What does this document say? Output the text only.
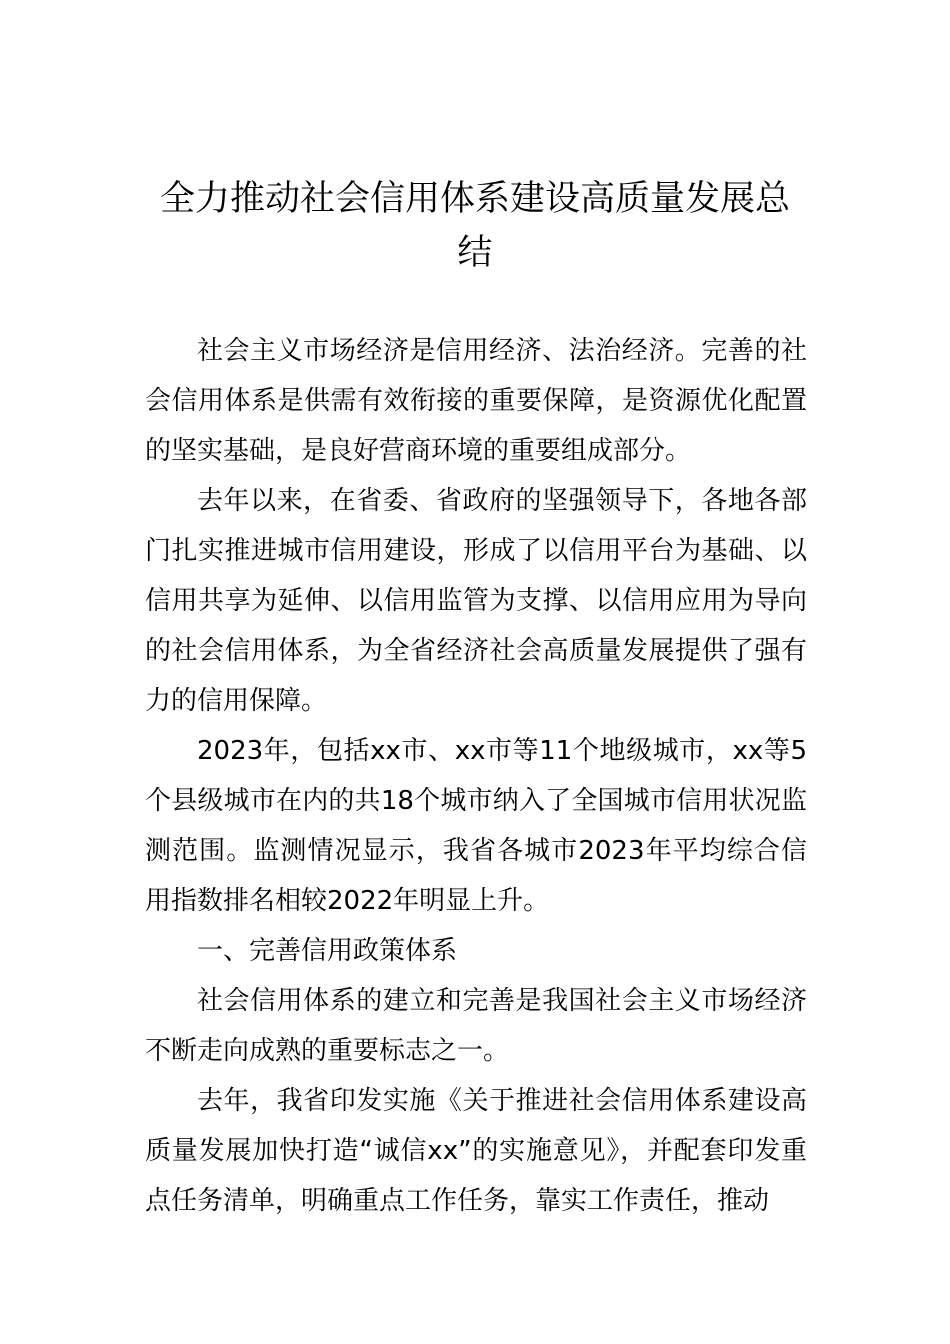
全力推动社会信用体系建设高质量发展总结

社会主义市场经济是信用经济、法治经济。完善的社会信用体系是供需有效衔接的重要保障，是资源优化配置的坚实基础，是良好营商环境的重要组成部分。

去年以来，在省委、省政府的坚强领导下，各地各部门扎实推进城市信用建设，形成了以信用平台为基础、以信用共享为延伸、以信用监管为支撑、以信用应用为导向的社会信用体系，为全省经济社会高质量发展提供了强有力的信用保障。

2023年，包括xx市、xx市等11个地级城市，xx等5个县级城市在内的共18个城市纳入了全国城市信用状况监测范围。监测情况显示，我省各城市2023年平均综合信用指数排名相较2022年明显上升。

一、完善信用政策体系

社会信用体系的建立和完善是我国社会主义市场经济不断走向成熟的重要标志之一。

去年，我省印发实施《关于推进社会信用体系建设高质量发展加快打造“诚信xx”的实施意见》，并配套印发重点任务清单，明确重点工作任务，靠实工作责任，推动
